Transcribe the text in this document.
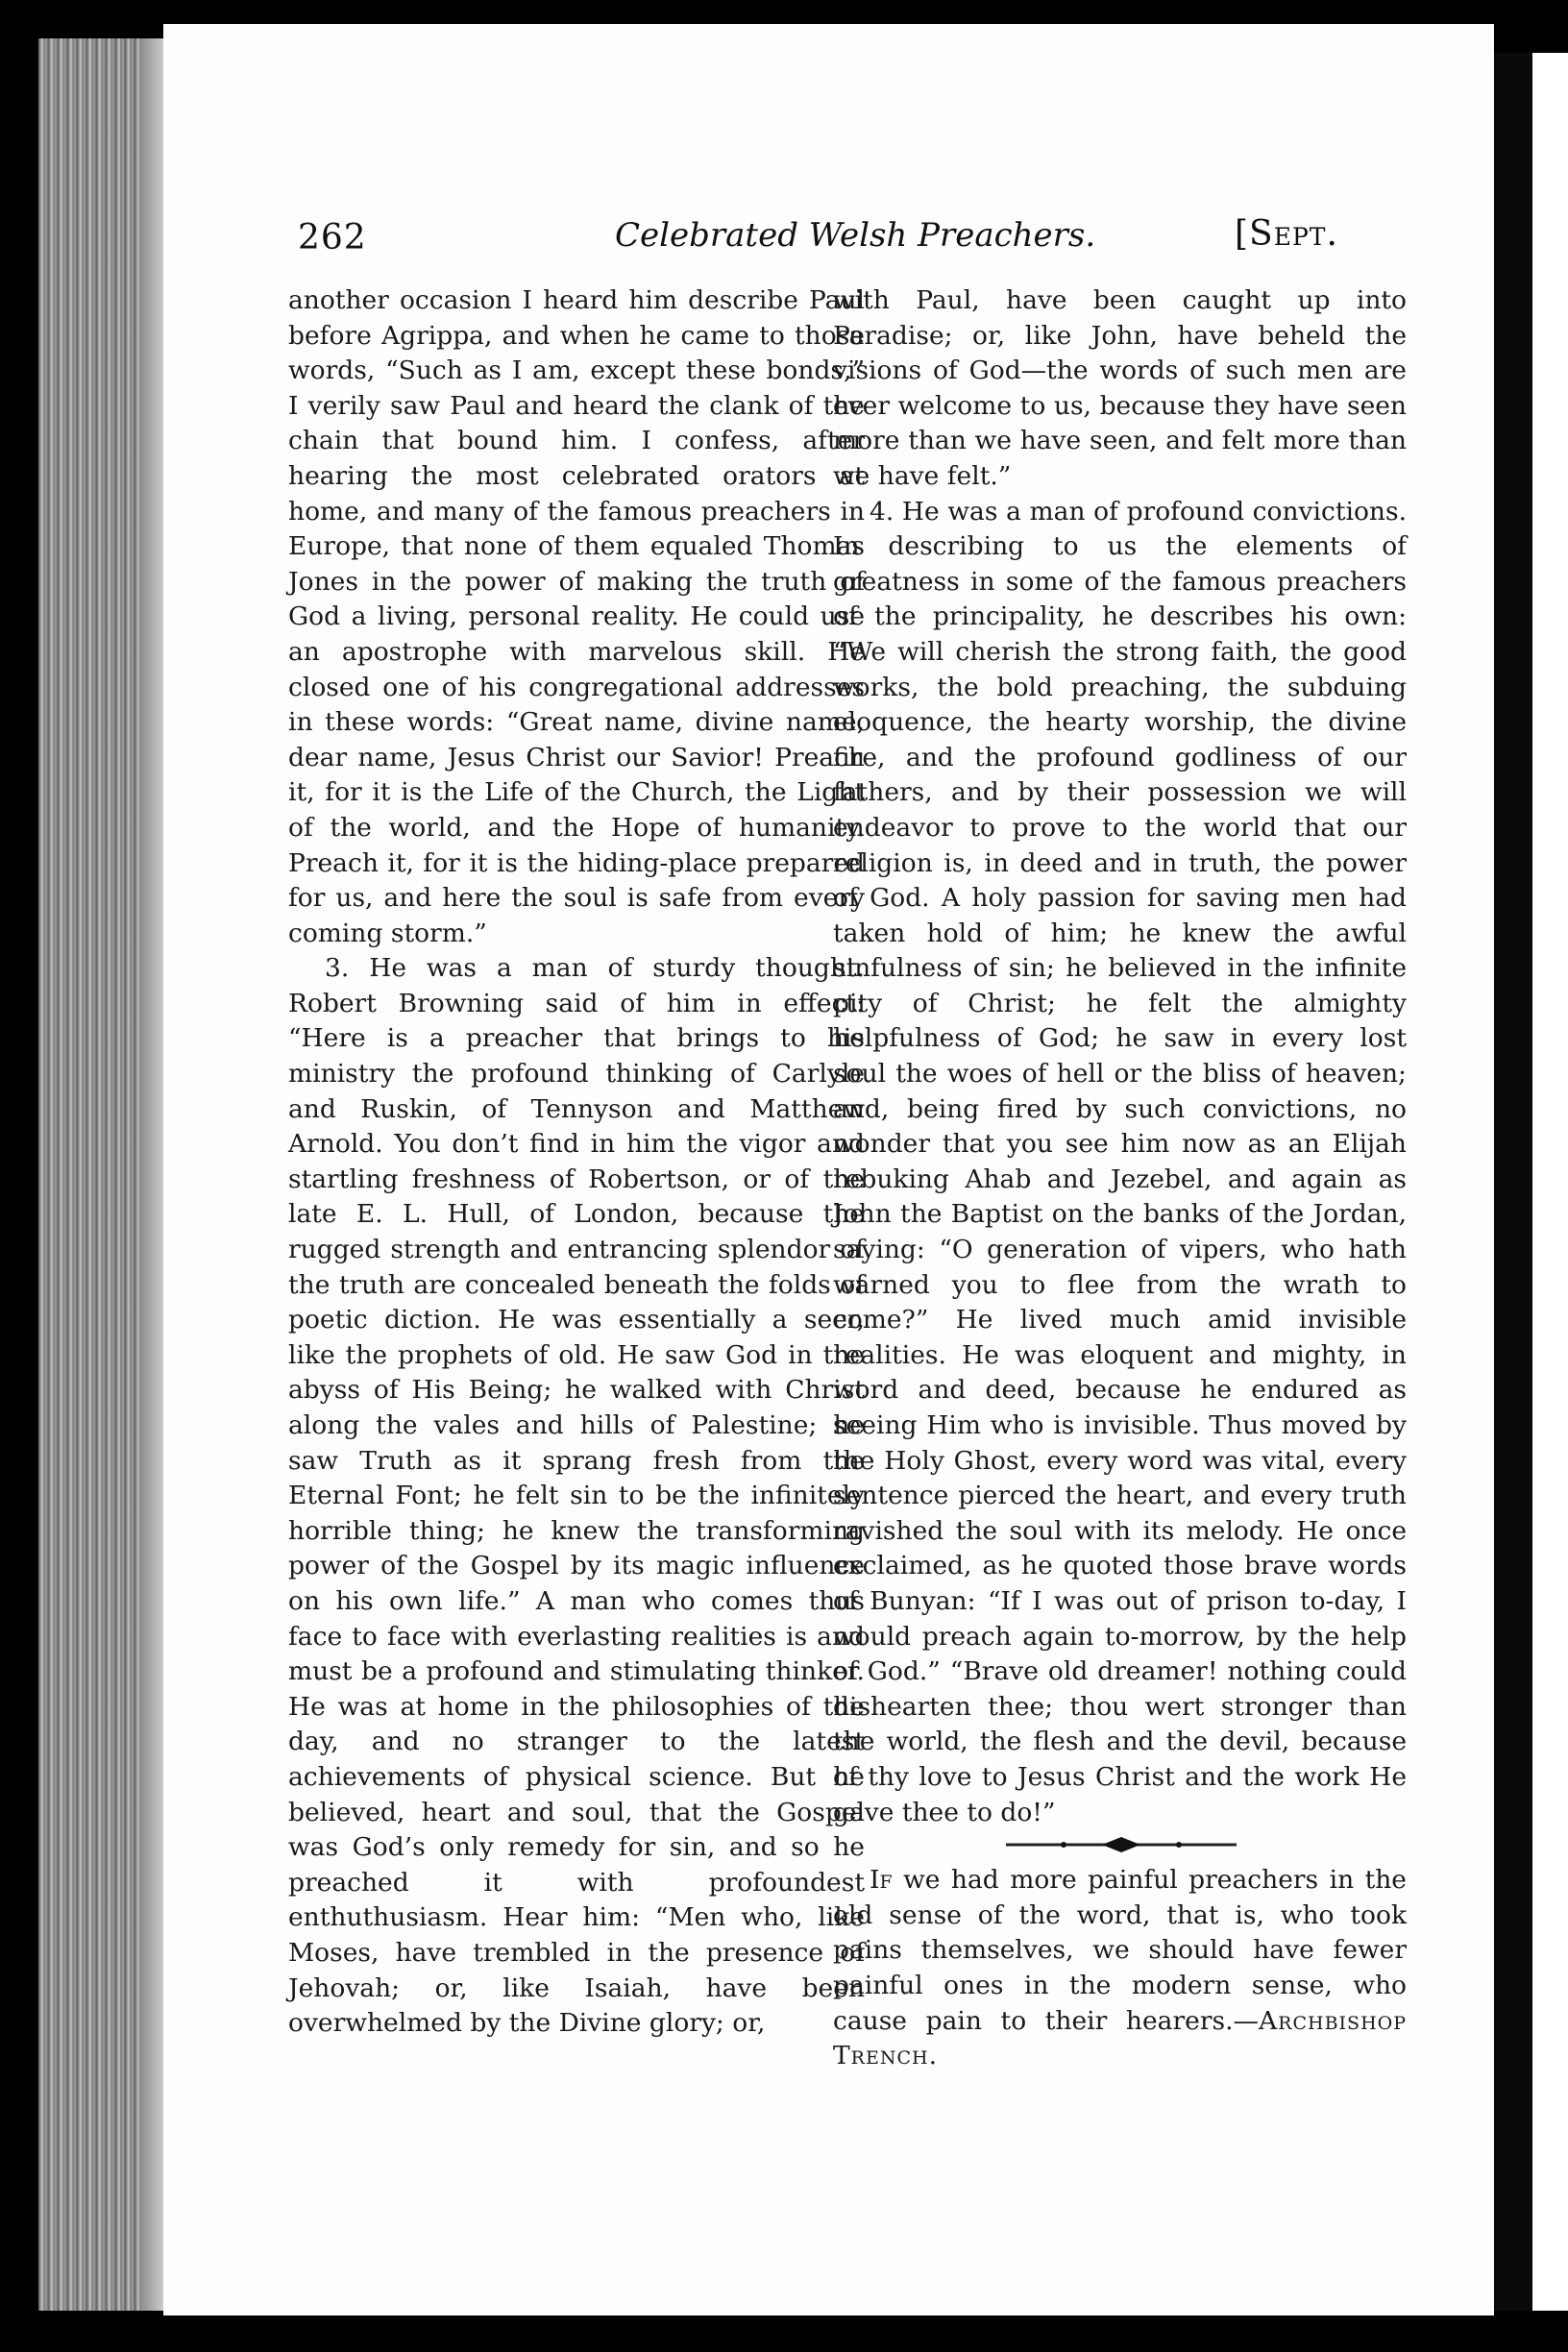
262	Celebrated Welsh Preachers.	[Sept.

another occasion I heard him describe Paul before Agrippa, and when he came to those words, “Such as I am, except these bonds,” I verily saw Paul and heard the clank of the chain that bound him. I confess, after hearing the most celebrated orators at home, and many of the famous preachers in Europe, that none of them equaled Thomas Jones in the power of making the truth of God a living, personal reality. He could use an apostrophe with marvelous skill. He closed one of his congregational addresses in these words: “Great name, divine name, dear name, Jesus Christ our Savior! Preach it, for it is the Life of the Church, the Light of the world, and the Hope of humanity. Preach it, for it is the hiding-place prepared for us, and here the soul is safe from every coming storm.”

3. He was a man of sturdy thought. Robert Browning said of him in effect: “Here is a preacher that brings to his ministry the profound thinking of Carlyle and Ruskin, of Tennyson and Matthew Arnold. You don’t find in him the vigor and startling freshness of Robertson, or of the late E. L. Hull, of London, because the rugged strength and entrancing splendor of the truth are concealed beneath the folds of poetic diction. He was essentially a seer, like the prophets of old. He saw God in the abyss of His Being; he walked with Christ along the vales and hills of Palestine; he saw Truth as it sprang fresh from the Eternal Font; he felt sin to be the infinitely horrible thing; he knew the transforming power of the Gospel by its magic influence on his own life.” A man who comes thus face to face with everlasting realities is and must be a profound and stimulating thinker. He was at home in the philosophies of the day, and no stranger to the latest achievements of physical science. But he believed, heart and soul, that the Gospel was God’s only remedy for sin, and so he preached it with profoundest enthuthusiasm. Hear him: “Men who, like Moses, have trembled in the presence of Jehovah; or, like Isaiah, have been overwhelmed by the Divine glory; or,

with Paul, have been caught up into Paradise; or, like John, have beheld the visions of God—the words of such men are ever welcome to us, because they have seen more than we have seen, and felt more than we have felt.”

4. He was a man of profound convictions. In describing to us the elements of greatness in some of the famous preachers of the principality, he describes his own: “We will cherish the strong faith, the good works, the bold preaching, the subduing eloquence, the hearty worship, the divine fire, and the profound godliness of our fathers, and by their possession we will endeavor to prove to the world that our religion is, in deed and in truth, the power of God. A holy passion for saving men had taken hold of him; he knew the awful sinfulness of sin; he believed in the infinite pity of Christ; he felt the almighty helpfulness of God; he saw in every lost soul the woes of hell or the bliss of heaven; and, being fired by such convictions, no wonder that you see him now as an Elijah rebuking Ahab and Jezebel, and again as John the Baptist on the banks of the Jordan, saying: “O generation of vipers, who hath warned you to flee from the wrath to come?” He lived much amid invisible realities. He was eloquent and mighty, in word and deed, because he endured as seeing Him who is invisible. Thus moved by the Holy Ghost, every word was vital, every sentence pierced the heart, and every truth ravished the soul with its melody. He once exclaimed, as he quoted those brave words of Bunyan: “If I was out of prison to-day, I would preach again to-morrow, by the help of God.” “Brave old dreamer! nothing could dishearten thee; thou wert stronger than the world, the flesh and the devil, because of thy love to Jesus Christ and the work He gave thee to do!”

If we had more painful preachers in the old sense of the word, that is, who took pains themselves, we should have fewer painful ones in the modern sense, who cause pain to their hearers.—Archbishop Trench.
